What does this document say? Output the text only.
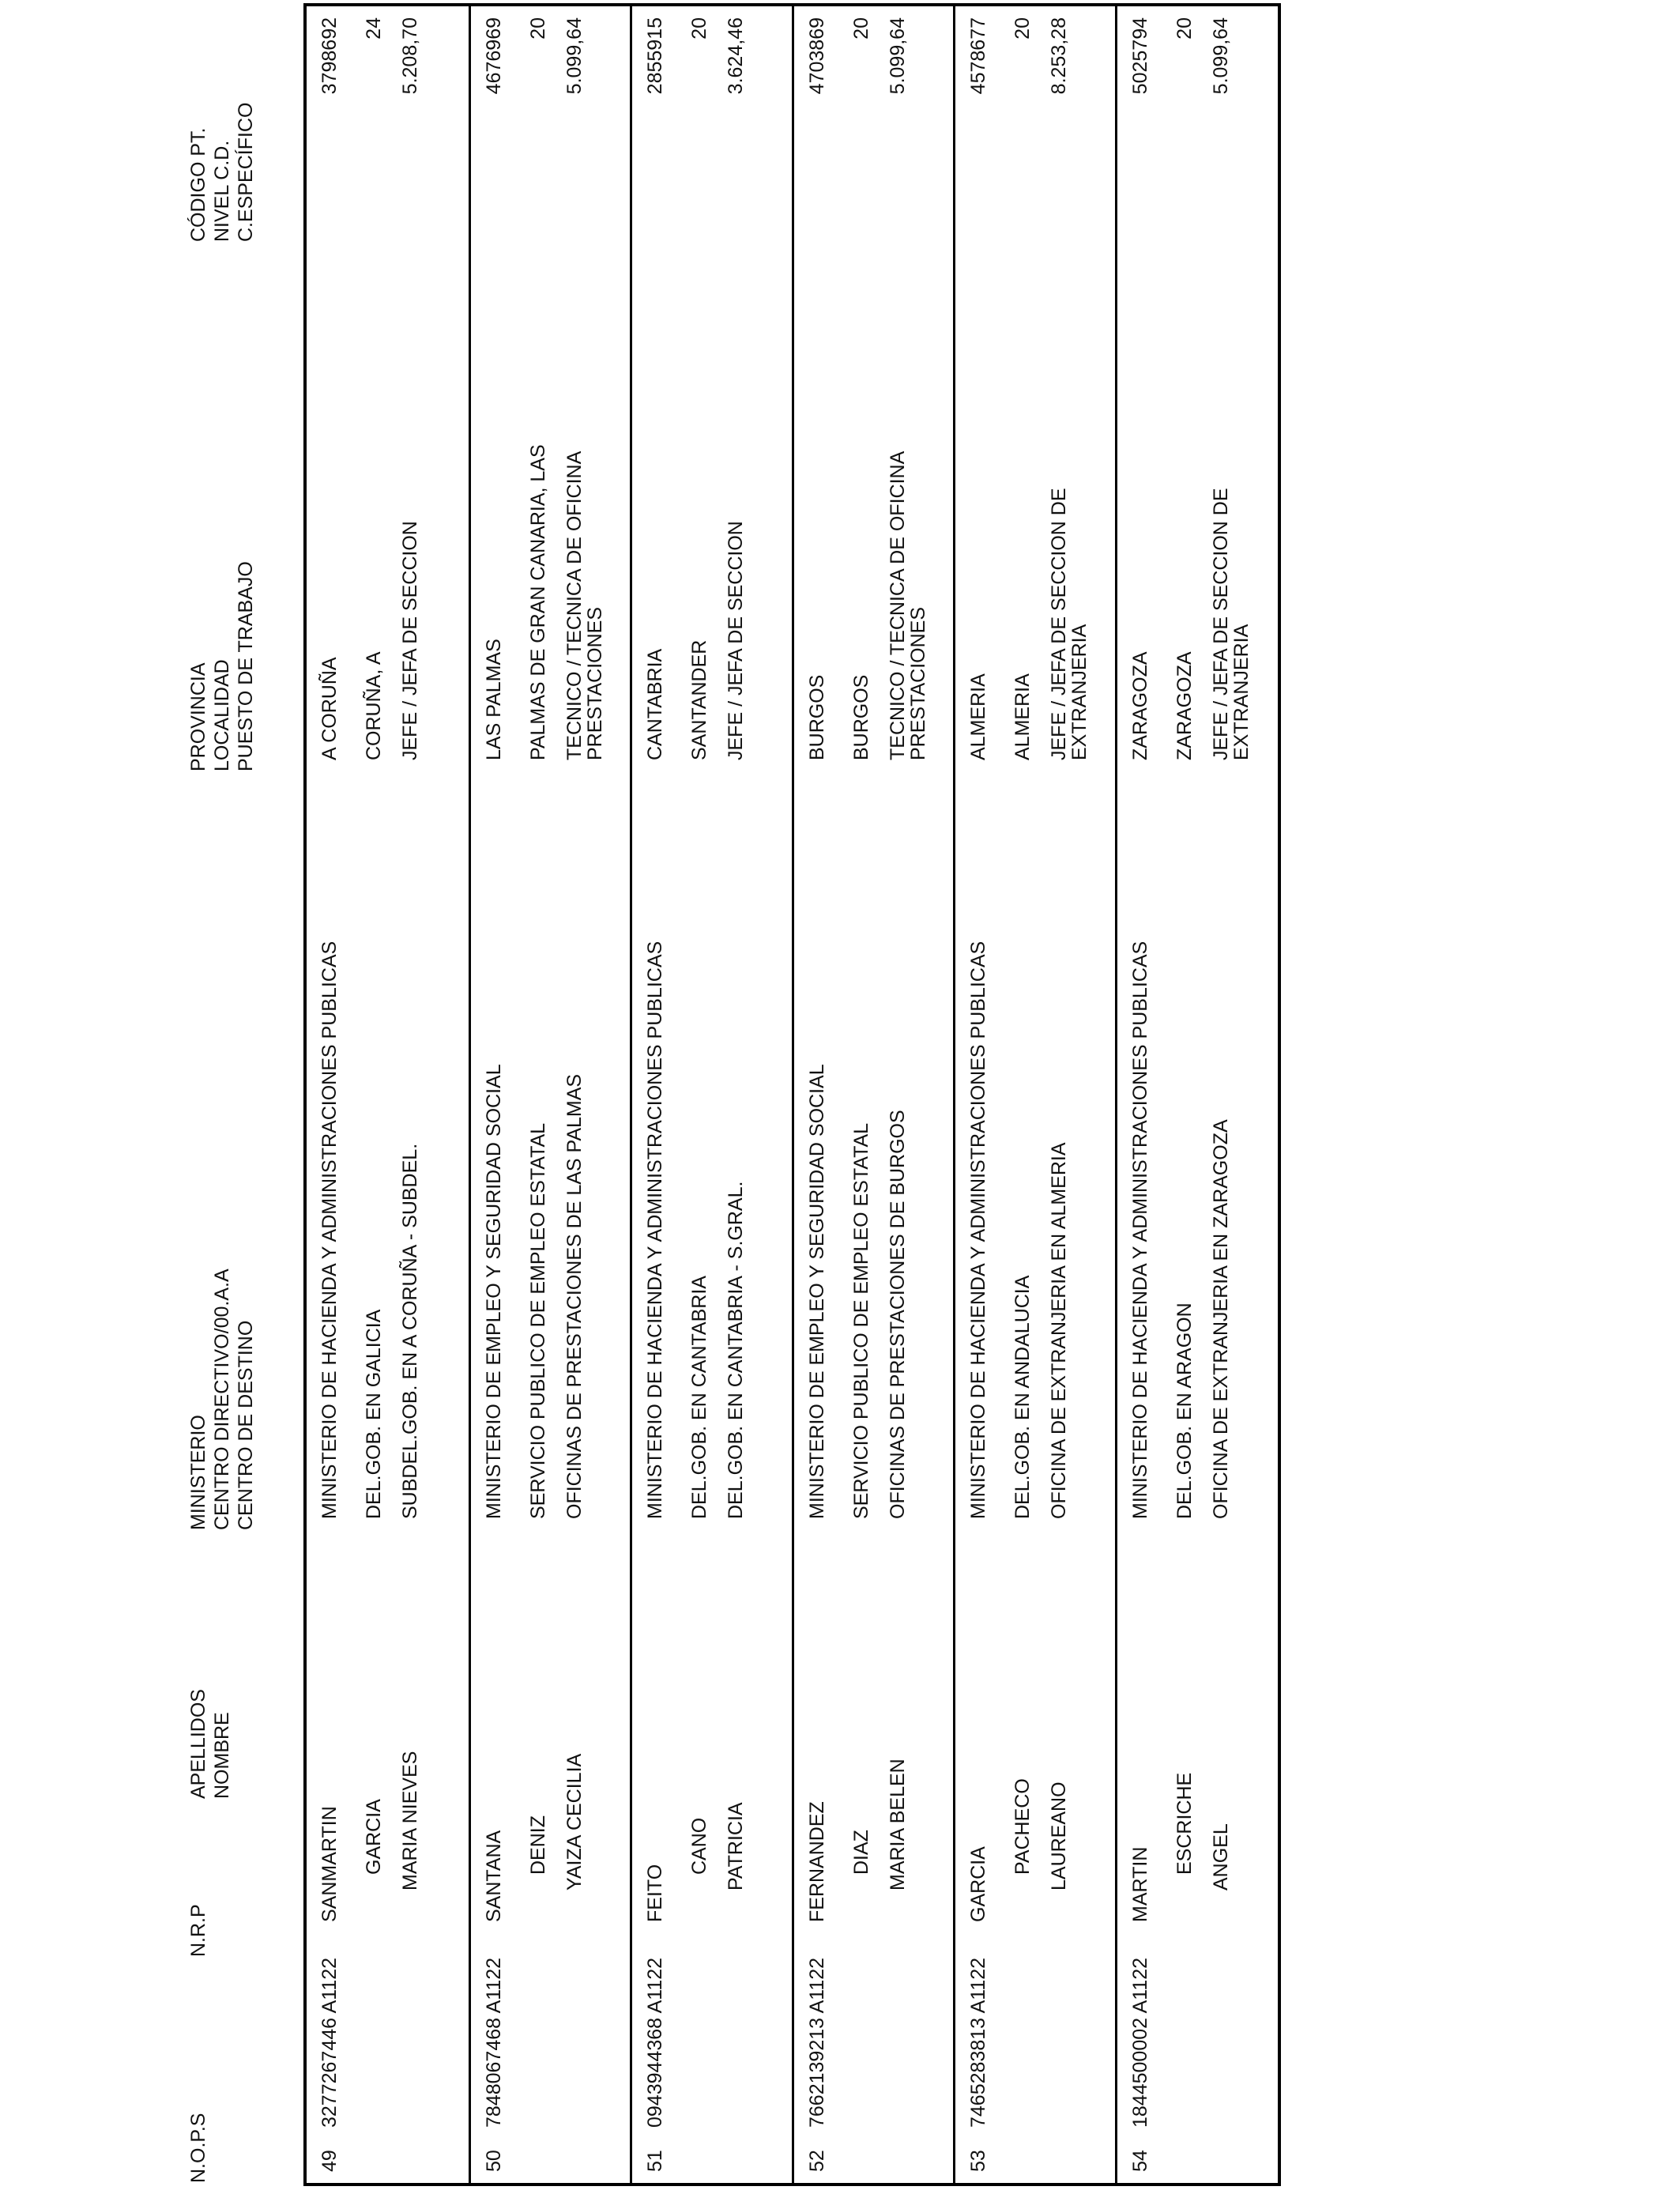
N.O.P.S
N.R.P
APELLIDOS NOMBRE
MINISTERIO CENTRO DIRECTIVO/00.A.A CENTRO DE DESTINO
PROVINCIA LOCALIDAD PUESTO DE TRABAJO
CÓDIGO PT. NIVEL C.D. C.ESPECÍFICO
49
3277267446 A1122
SANMARTIN GARCIA MARIA NIEVES
MINISTERIO DE HACIENDA Y ADMINISTRACIONES PUBLICAS DEL.GOB. EN GALICIA SUBDEL.GOB. EN A CORUÑA - SUBDEL.
A CORUÑA CORUÑA, A JEFE / JEFA DE SECCION
3798692 24 5.208,70
50
7848067468 A1122
SANTANA DENIZ YAIZA CECILIA
MINISTERIO DE EMPLEO Y SEGURIDAD SOCIAL SERVICIO PUBLICO DE EMPLEO ESTATAL OFICINAS DE PRESTACIONES DE LAS PALMAS
LAS PALMAS PALMAS DE GRAN CANARIA, LAS TECNICO / TECNICA DE OFICINA PRESTACIONES
4676969 20 5.099,64
51
0943944368 A1122
FEITO
CANO PATRICIA
MINISTERIO DE HACIENDA Y ADMINISTRACIONES PUBLICAS DEL.GOB. EN CANTABRIA DEL.GOB. EN CANTABRIA - S.GRAL.
CANTABRIA SANTANDER JEFE / JEFA DE SECCION
2855915 20 3.624,46
52
7662139213 A1122
FERNANDEZ DIAZ MARIA BELEN
MINISTERIO DE EMPLEO Y SEGURIDAD SOCIAL SERVICIO PUBLICO DE EMPLEO ESTATAL OFICINAS DE PRESTACIONES DE BURGOS
BURGOS BURGOS TECNICO / TECNICA DE OFICINA PRESTACIONES
4703869 20 5.099,64
53
7465283813 A1122
GARCIA
PACHECO LAUREANO
MINISTERIO DE HACIENDA Y ADMINISTRACIONES PUBLICAS DEL.GOB. EN ANDALUCIA OFICINA DE EXTRANJERIA EN ALMERIA
ALMERIA ALMERIA JEFE / JEFA DE SECCION DE EXTRANJERIA
4578677 20 8.253,28
54
1844500002 A1122
MARTIN
ESCRICHE ANGEL
MINISTERIO DE HACIENDA Y ADMINISTRACIONES PUBLICAS DEL.GOB. EN ARAGON OFICINA DE EXTRANJERIA EN ZARAGOZA
ZARAGOZA ZARAGOZA JEFE / JEFA DE SECCION DE EXTRANJERIA
5025794 20 5.099,64
